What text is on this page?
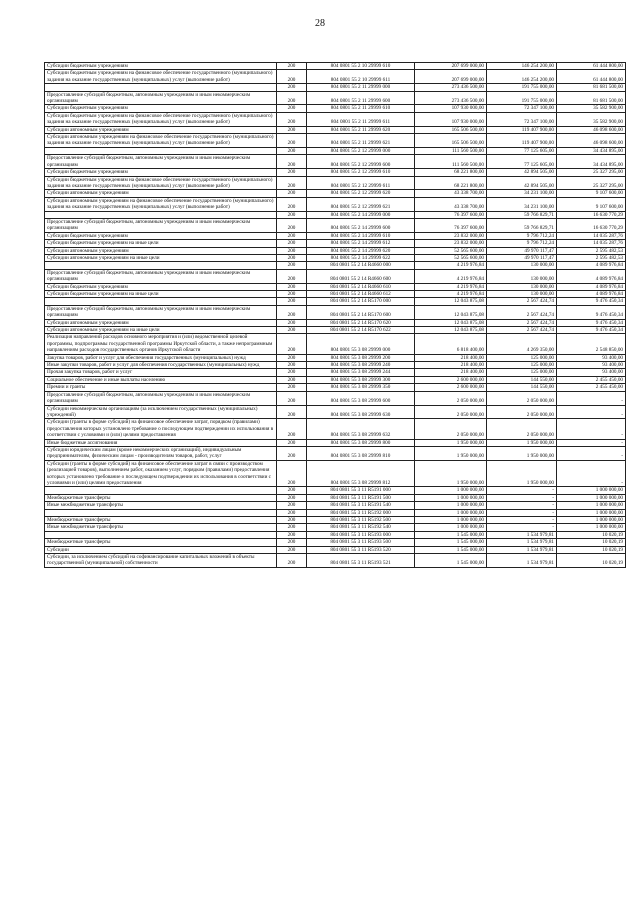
28
Субсидии бюджетным учреждениям	200	804 0801 55 2 10 29999 610	207 699 000,00	146 254 200,00	61 444 800,00
Субсидии бюджетным учреждениям на финансовое обеспечение государственного (муниципального) задания на оказание государственных (муниципальных) услуг (выполнение работ)	200	804 0801 55 2 10 29999 611	207 699 000,00	146 254 200,00	61 444 800,00
	200	804 0801 55 2 11 29999 000	273 436 500,00	191 755 000,00	81 681 500,00
Предоставление субсидий бюджетным, автономным учреждениям и иным некоммерческим организациям	200	804 0801 55 2 11 29999 600	273 436 500,00	191 755 000,00	81 681 500,00
Субсидии бюджетным учреждениям	200	804 0801 55 2 11 29999 610	107 930 000,00	72 347 100,00	35 582 900,00
Субсидии бюджетным учреждениям на финансовое обеспечение государственного (муниципального) задания на оказание государственных (муниципальных) услуг (выполнение работ)	200	804 0801 55 2 11 29999 611	107 930 000,00	72 347 100,00	35 582 900,00
Субсидии автономным учреждениям	200	804 0801 55 2 11 29999 620	165 506 500,00	119 407 900,00	46 098 600,00
Субсидии автономным учреждениям на финансовое обеспечение государственного (муниципального) задания на оказание государственных (муниципальных) услуг (выполнение работ)	200	804 0801 55 2 11 29999 621	165 506 500,00	119 407 900,00	46 098 600,00
	200	804 0801 55 2 12 29999 000	111 560 500,00	77 125 605,00	34 434 895,00
Предоставление субсидий бюджетным, автономным учреждениям и иным некоммерческим организациям	200	804 0801 55 2 12 29999 600	111 560 500,00	77 125 605,00	34 434 895,00
Субсидии бюджетным учреждениям	200	804 0801 55 2 12 29999 610	68 221 800,00	42 894 505,00	25 327 295,00
Субсидии бюджетным учреждениям на финансовое обеспечение государственного (муниципального) задания на оказание государственных (муниципальных) услуг (выполнение работ)	200	804 0801 55 2 12 29999 611	68 221 800,00	42 894 505,00	25 327 295,00
Субсидии автономным учреждениям	200	804 0801 55 2 12 29999 620	43 338 700,00	34 231 100,00	9 107 600,00
Субсидии автономным учреждениям на финансовое обеспечение государственного (муниципального) задания на оказание государственных (муниципальных) услуг (выполнение работ)	200	804 0801 55 2 12 29999 621	43 338 700,00	34 231 100,00	9 107 600,00
	200	804 0801 55 2 14 29999 000	76 397 600,00	59 766 829,71	16 630 770,29
Предоставление субсидий бюджетным, автономным учреждениям и иным некоммерческим организациям	200	804 0801 55 2 14 29999 600	76 397 600,00	59 766 829,71	16 630 770,29
Субсидии бюджетным учреждениям	200	804 0801 55 2 14 29999 610	23 832 000,00	9 796 712,24	14 035 287,76
Субсидии бюджетным учреждениям на иные цели	200	804 0801 55 2 14 29999 612	23 832 000,00	9 796 712,24	14 035 287,76
Субсидии автономным учреждениям	200	804 0801 55 2 14 29999 620	52 565 600,00	49 970 117,47	2 595 482,53
Субсидии автономным учреждениям на иные цели	200	804 0801 55 2 14 29999 622	52 565 600,00	49 970 117,47	2 595 482,53
	200	804 0801 55 2 14 R4660 000	4 219 976,84	130 000,00	4 089 976,84
Предоставление субсидий бюджетным, автономным учреждениям и иным некоммерческим организациям	200	804 0801 55 2 14 R4660 600	4 219 976,84	130 000,00	4 089 976,84
Субсидии бюджетным учреждениям	200	804 0801 55 2 14 R4660 610	4 219 976,84	130 000,00	4 089 976,84
Субсидии бюджетным учреждениям на иные цели	200	804 0801 55 2 14 R4660 612	4 219 976,84	130 000,00	4 089 976,84
	200	804 0801 55 2 14 R5170 000	12 043 875,08	2 567 424,74	9 476 450,34
Предоставление субсидий бюджетным, автономным учреждениям и иным некоммерческим организациям	200	804 0801 55 2 14 R5170 600	12 043 875,08	2 567 424,74	9 476 450,34
Субсидии автономным учреждениям	200	804 0801 55 2 14 R5170 620	12 043 875,08	2 567 424,74	9 476 450,34
Субсидии автономным учреждениям на иные цели	200	804 0801 55 2 14 R5170 622	12 043 875,08	2 567 424,74	9 476 450,34
Реализация направлений расходов основного мероприятия и (или) ведомственной целевой программы, подпрограммы государственной программы Иркутской области, а также непрограммным направлениям расходов государственных органов Иркутской области	200	804 0801 55 3 08 29999 000	6 818 400,00	4 269 350,00	2 548 850,00
Закупка товаров, работ и услуг для обеспечения государственных (муниципальных) нужд	200	804 0801 55 3 08 29999 200	218 400,00	125 000,00	93 400,00
Иные закупки товаров, работ и услуг для обеспечения государственных (муниципальных) нужд	200	804 0801 55 3 08 29999 240	218 400,00	125 000,00	93 400,00
Прочая закупка товаров, работ и услуг	200	804 0801 55 3 08 29999 244	218 400,00	125 000,00	93 400,00
Социальное обеспечение и иные выплаты населению	200	804 0801 55 3 08 29999 300	2 600 000,00	144 550,00	2 455 450,00
Премии и гранты	200	804 0801 55 3 08 29999 350	2 600 000,00	144 550,00	2 455 450,00
Предоставление субсидий бюджетным, автономным учреждениям и иным некоммерческим организациям	200	804 0801 55 3 08 29999 600	2 050 000,00	2 050 000,00	-
Субсидии некоммерческим организациям (за исключением государственных (муниципальных) учреждений)	200	804 0801 55 3 08 29999 630	2 050 000,00	2 050 000,00	-
Субсидии (гранты в форме субсидий) на финансовое обеспечение затрат, порядком (правилами) предоставления которых установлено требование о последующем подтверждении их использования в соответствии с условиями и (или) целями предоставления	200	804 0801 55 3 08 29999 632	2 050 000,00	2 050 000,00	-
Иные бюджетные ассигнования	200	804 0801 55 3 08 29999 800	1 950 000,00	1 950 000,00	-
Субсидии юридическим лицам (кроме некоммерческих организаций), индивидуальным предпринимателям, физическим лицам - производителям товаров, работ, услуг	200	804 0801 55 3 08 29999 810	1 950 000,00	1 950 000,00	-
Субсидии (гранты в форме субсидий) на финансовое обеспечение затрат в связи с производством (реализацией товаров), выполнением работ, оказанием услуг, порядком (правилами) предоставления которых установлено требование о последующем подтверждении их использования в соответствии с условиями и (или) целями предоставления	200	804 0801 55 3 08 29999 812	1 950 000,00	1 950 000,00	-
	200	804 0801 55 3 11 R5191 000	1 000 000,00	-	1 000 000,00
Межбюджетные трансферты	200	804 0801 55 3 11 R5191 500	1 000 000,00	-	1 000 000,00
Иные межбюджетные трансферты	200	804 0801 55 3 11 R5191 540	1 000 000,00	-	1 000 000,00
	200	804 0801 55 3 11 R5192 000	1 000 000,00	-	1 000 000,00
Межбюджетные трансферты	200	804 0801 55 3 11 R5192 500	1 000 000,00	-	1 000 000,00
Иные межбюджетные трансферты	200	804 0801 55 3 11 R5192 540	1 000 000,00	-	1 000 000,00
	200	804 0801 55 3 11 R5193 000	1 545 000,00	1 534 979,81	10 020,19
Межбюджетные трансферты	200	804 0801 55 3 11 R5193 500	1 545 000,00	1 534 979,81	10 020,19
Субсидии	200	804 0801 55 3 11 R5193 520	1 545 000,00	1 534 979,81	10 020,19
Субсидии, за исключением субсидий на софинансирование капитальных вложений в объекты государственной (муниципальной) собственности	200	804 0801 55 3 11 R5193 521	1 545 000,00	1 534 979,81	10 020,19
